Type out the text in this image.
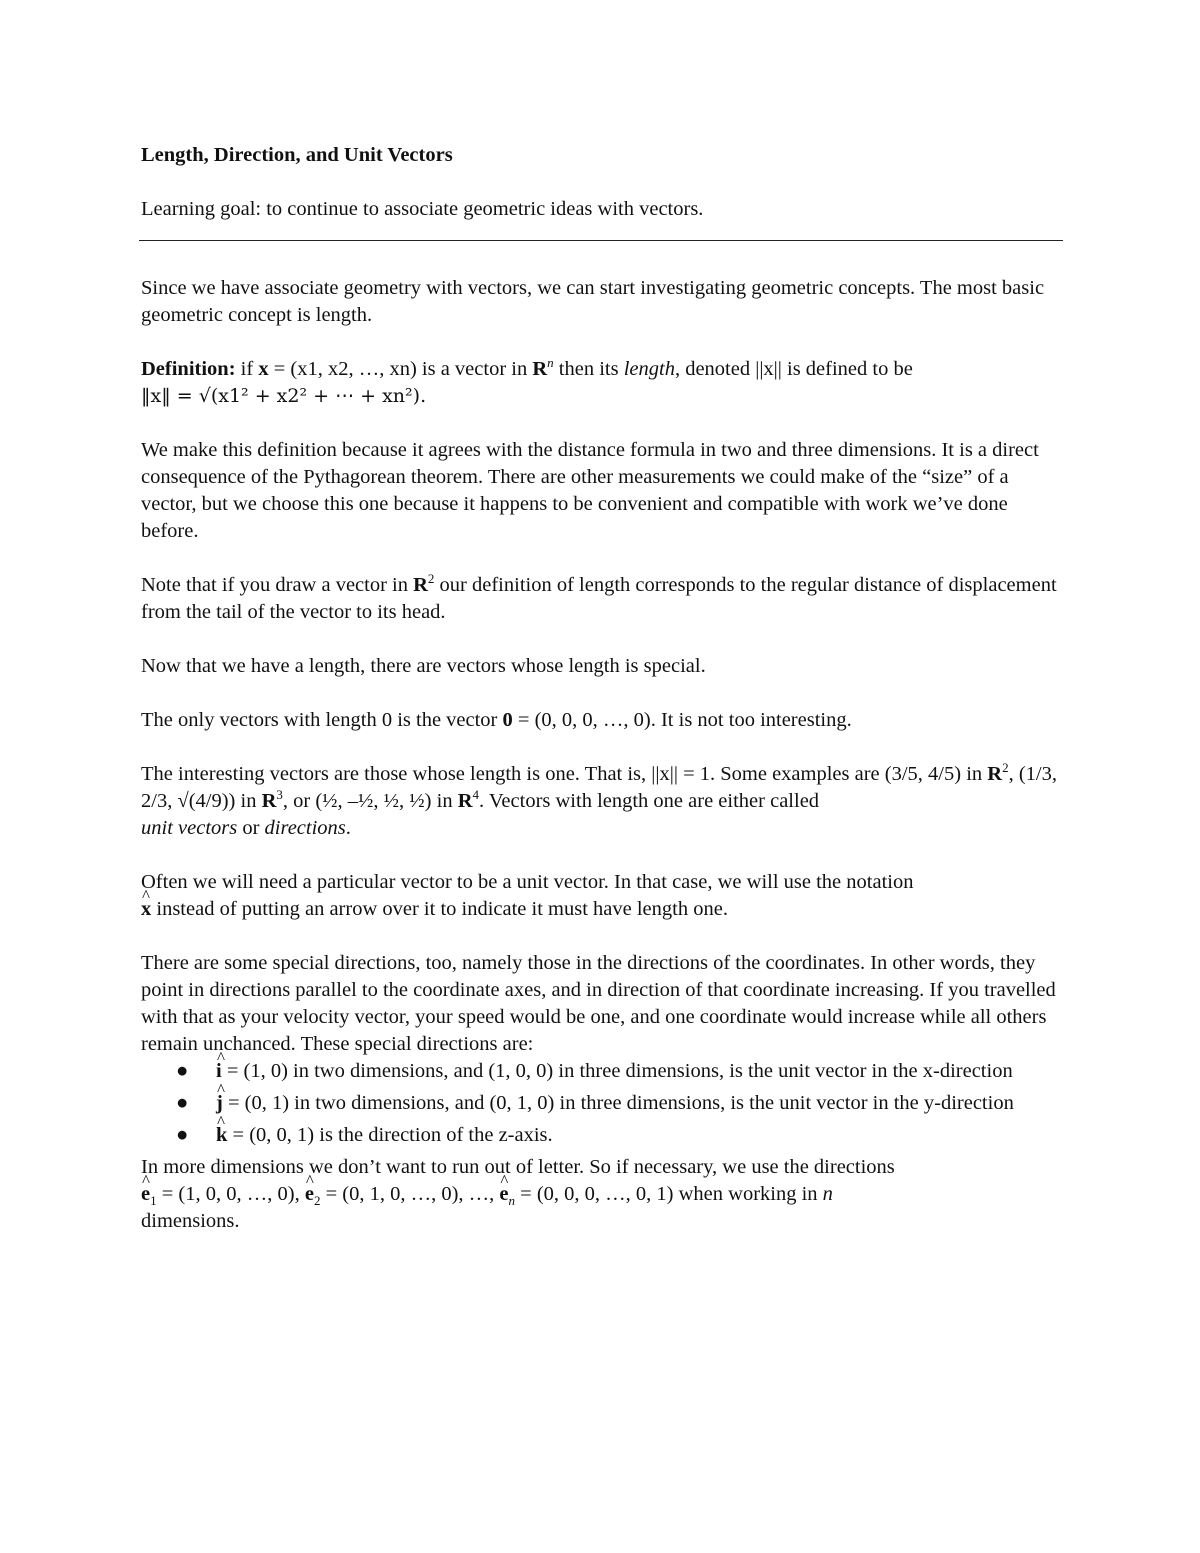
Length, Direction, and Unit Vectors

Learning goal: to continue to associate geometric ideas with vectors.

Since we have associate geometry with vectors, we can start investigating geometric concepts. The most basic geometric concept is length.

Definition: if x = (x1, x2, …, xn) is a vector in $R^n$ then its length, denoted ||x|| is defined to be
‖x‖ = √(x1² + x2² + ⋯ + xn²).

We make this definition because it agrees with the distance formula in two and three dimensions. It is a direct consequence of the Pythagorean theorem. There are other measurements we could make of the “size” of a vector, but we choose this one because it happens to be convenient and compatible with work we’ve done before.

Note that if you draw a vector in $R^2$ our definition of length corresponds to the regular distance of displacement from the tail of the vector to its head.

Now that we have a length, there are vectors whose length is special.

The only vectors with length 0 is the vector 0 = (0, 0, 0, …, 0). It is not too interesting.

The interesting vectors are those whose length is one. That is, ||x|| = 1. Some examples are (3/5, 4/5) in $R^2$, (1/3, 2/3, √(4/9)) in $R^3$, or (½, –½, ½, ½) in $R^4$. Vectors with length one are either called
unit vectors or directions.

Often we will need a particular vector to be a unit vector. In that case, we will use the notation
^ x instead of putting an arrow over it to indicate it must have length one.

There are some special directions, too, namely those in the directions of the coordinates. In other words, they point in directions parallel to the coordinate axes, and in direction of that coordinate increasing. If you travelled with that as your velocity vector, your speed would be one, and one coordinate would increase while all others remain unchanced. These special directions are:

● ^ i = (1, 0) in two dimensions, and (1, 0, 0) in three dimensions, is the unit vector in the x-direction
● ^ j = (0, 1) in two dimensions, and (0, 1, 0) in three dimensions, is the unit vector in the y-direction
● ^ k = (0, 0, 1) is the direction of the z-axis.

In more dimensions we don’t want to run out of letter. So if necessary, we use the directions
^ $e_1 = (1$, 0, 0, …, 0), ^ $e_2 = (0$, 1, 0, …, 0), …, ^ $e_n = (0$, 0, 0, …, 0, 1) when working in n
dimensions.
